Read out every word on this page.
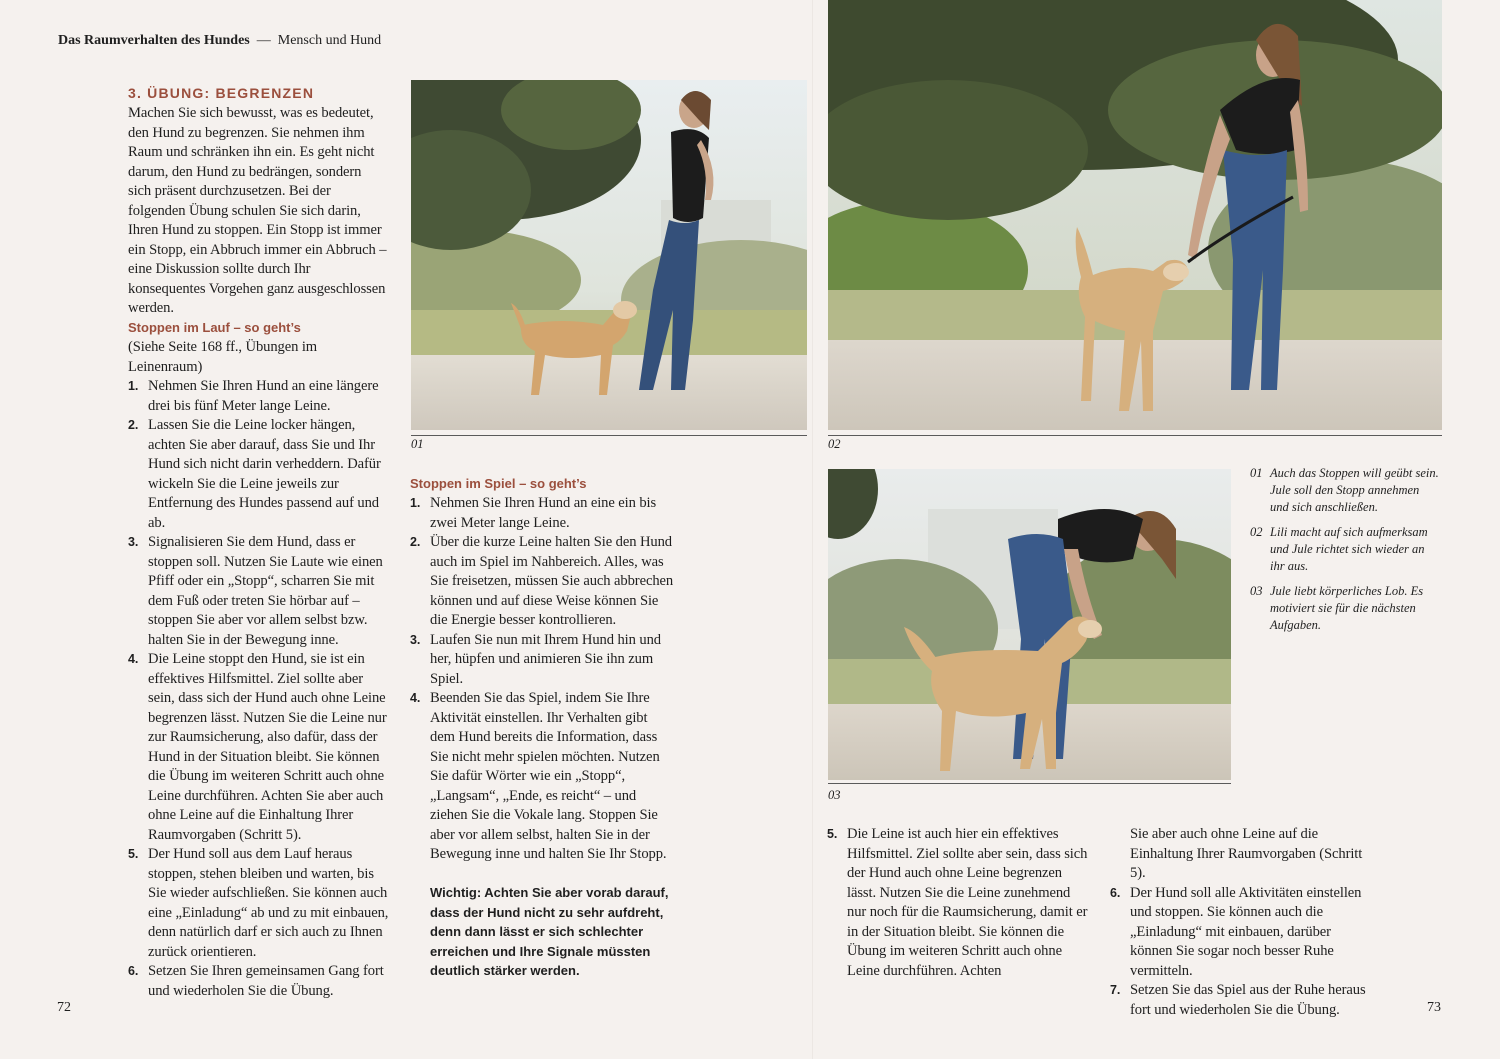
Das Raumverhalten des Hundes — Mensch und Hund
3. ÜBUNG: BEGRENZEN
Machen Sie sich bewusst, was es bedeutet, den Hund zu begrenzen. Sie nehmen ihm Raum und schränken ihn ein. Es geht nicht darum, den Hund zu bedrängen, sondern sich präsent durchzusetzen. Bei der folgenden Übung schulen Sie sich darin, Ihren Hund zu stoppen. Ein Stopp ist immer ein Stopp, ein Abbruch immer ein Abbruch – eine Diskussion sollte durch Ihr konsequentes Vorgehen ganz ausgeschlossen werden.
Stoppen im Lauf – so geht’s
(Siehe Seite 168 ff., Übungen im Leinenraum)
1. Nehmen Sie Ihren Hund an eine längere drei bis fünf Meter lange Leine.
2. Lassen Sie die Leine locker hängen, achten Sie aber darauf, dass Sie und Ihr Hund sich nicht darin verheddern. Dafür wickeln Sie die Leine jeweils zur Entfernung des Hundes passend auf und ab.
3. Signalisieren Sie dem Hund, dass er stoppen soll. Nutzen Sie Laute wie einen Pfiff oder ein „Stopp“, scharren Sie mit dem Fuß oder treten Sie hörbar auf – stoppen Sie aber vor allem selbst bzw. halten Sie in der Bewegung inne.
4. Die Leine stoppt den Hund, sie ist ein effektives Hilfsmittel. Ziel sollte aber sein, dass sich der Hund auch ohne Leine begrenzen lässt. Nutzen Sie die Leine nur zur Raumsicherung, also dafür, dass der Hund in der Situation bleibt. Sie können die Übung im weiteren Schritt auch ohne Leine durchführen. Achten Sie aber auch ohne Leine auf die Einhaltung Ihrer Raumvorgaben (Schritt 5).
5. Der Hund soll aus dem Lauf heraus stoppen, stehen bleiben und warten, bis Sie wieder aufschließen. Sie können auch eine „Einladung“ ab und zu mit einbauen, denn natürlich darf er sich auch zu Ihnen zurück orientieren.
6. Setzen Sie Ihren gemeinsamen Gang fort und wiederholen Sie die Übung.
01
Stoppen im Spiel – so geht’s
1. Nehmen Sie Ihren Hund an eine ein bis zwei Meter lange Leine.
2. Über die kurze Leine halten Sie den Hund auch im Spiel im Nahbereich. Alles, was Sie freisetzen, müssen Sie auch abbrechen können und auf diese Weise können Sie die Energie besser kontrollieren.
3. Laufen Sie nun mit Ihrem Hund hin und her, hüpfen und animieren Sie ihn zum Spiel.
4. Beenden Sie das Spiel, indem Sie Ihre Aktivität einstellen. Ihr Verhalten gibt dem Hund bereits die Information, dass Sie nicht mehr spielen möchten. Nutzen Sie dafür Wörter wie ein „Stopp“, „Langsam“, „Ende, es reicht“ – und ziehen Sie die Vokale lang. Stoppen Sie aber vor allem selbst, halten Sie in der Bewegung inne und halten Sie Ihr Stopp.
Wichtig: Achten Sie aber vorab darauf, dass der Hund nicht zu sehr aufdreht, denn dann lässt er sich schlechter erreichen und Ihre Signale müssten deutlich stärker werden.
72
02
03
01 Auch das Stoppen will geübt sein. Jule soll den Stopp annehmen und sich anschließen.
02 Lili macht auf sich aufmerksam und Jule richtet sich wieder an ihr aus.
03 Jule liebt körperliches Lob. Es motiviert sie für die nächsten Aufgaben.
5. Die Leine ist auch hier ein effektives Hilfsmittel. Ziel sollte aber sein, dass sich der Hund auch ohne Leine begrenzen lässt. Nutzen Sie die Leine zunehmend nur noch für die Raumsicherung, damit er in der Situation bleibt. Sie können die Übung im weiteren Schritt auch ohne Leine durchführen. Achten
Sie aber auch ohne Leine auf die Einhaltung Ihrer Raumvorgaben (Schritt 5).
6. Der Hund soll alle Aktivitäten einstellen und stoppen. Sie können auch die „Einladung“ mit einbauen, darüber können Sie sogar noch besser Ruhe vermitteln.
7. Setzen Sie das Spiel aus der Ruhe heraus fort und wiederholen Sie die Übung.	73
